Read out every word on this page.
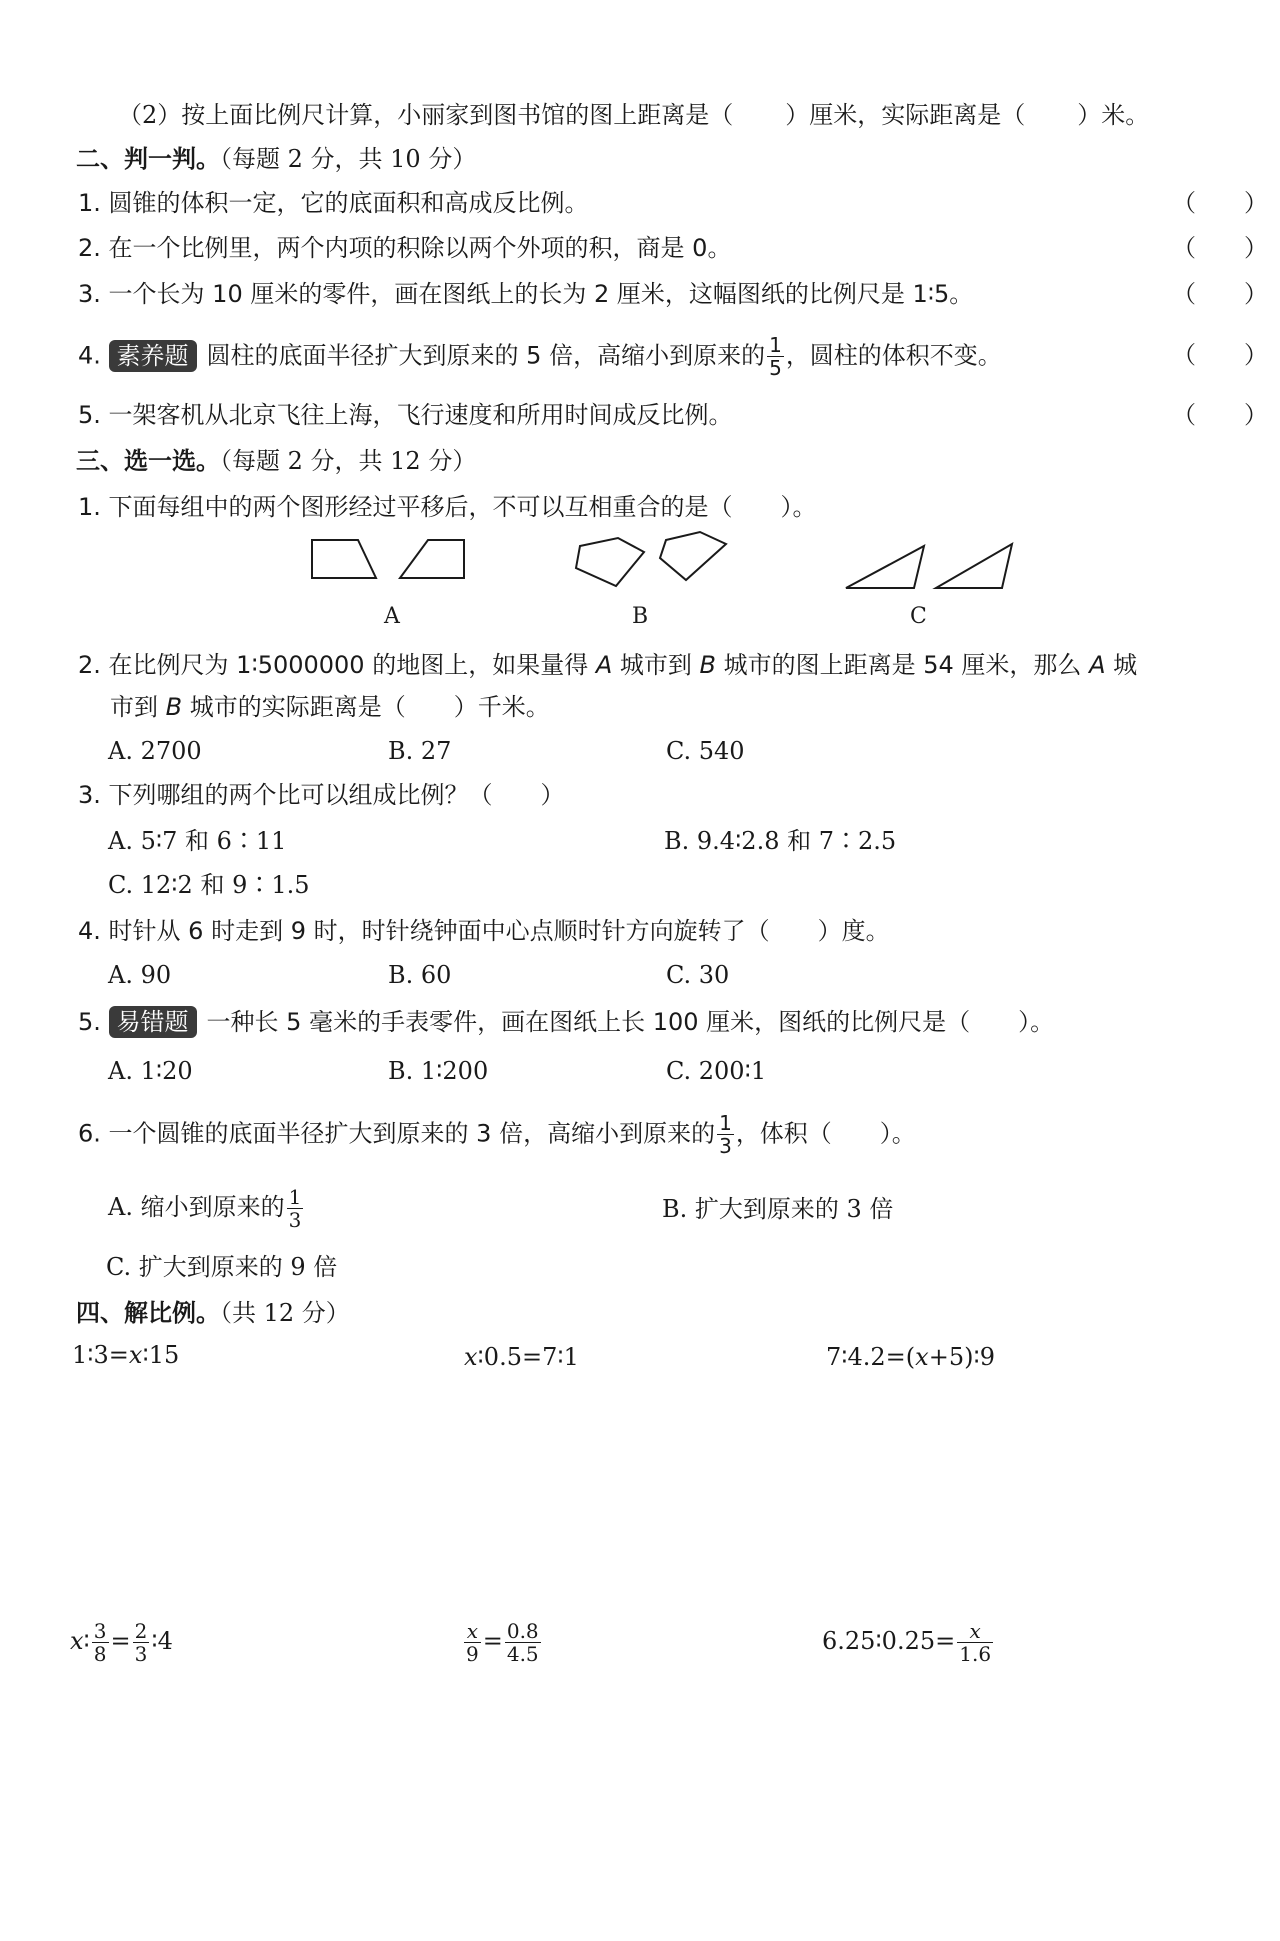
（2）按上面比例尺计算，小丽家到图书馆的图上距离是（ ）厘米，实际距离是（ ）米。
二、判一判。（每题 2 分，共 10 分）
1. 圆锥的体积一定，它的底面积和高成反比例。	（　　）
2. 在一个比例里，两个内项的积除以两个外项的积，商是 0。	（　　）
3. 一个长为 10 厘米的零件，画在图纸上的长为 2 厘米，这幅图纸的比例尺是 1∶5。	（　　）
4. 素养题 圆柱的底面半径扩大到原来的 5 倍，高缩小到原来的 $\frac{1}{5}$ ，圆柱的体积不变。	（　　）
5. 一架客机从北京飞往上海，飞行速度和所用时间成反比例。	（　　）
三、选一选。（每题 2 分，共 12 分）
1. 下面每组中的两个图形经过平移后，不可以互相重合的是（　　）。
A	B	C
2. 在比例尺为 1∶5000000 的地图上，如果量得 A 城市到 B 城市的图上距离是 54 厘米，那么 A 城
市到 B 城市的实际距离是（　　）千米。
A. 2700	B. 27	C. 540
3. 下列哪组的两个比可以组成比例？（　　）
A. 5∶7 和 6∶11	B. 9.4∶2.8 和 7∶2.5
C. 12∶2 和 9∶1.5
4. 时针从 6 时走到 9 时，时针绕钟面中心点顺时针方向旋转了（　　）度。
A. 90	B. 60	C. 30
5. 易错题 一种长 5 毫米的手表零件，画在图纸上长 100 厘米，图纸的比例尺是（　　）。
A. 1∶20	B. 1∶200	C. 200∶1
6. 一个圆锥的底面半径扩大到原来的 3 倍，高缩小到原来的 $\frac{1}{3}$ ，体积（　　）。
A. 缩小到原来的 $\frac{1}{3}$	B. 扩大到原来的 3 倍
C. 扩大到原来的 9 倍
四、解比例。（共 12 分）
1∶3=x∶15	x∶0.5=7∶1	7∶4.2=(x+5)∶9
x∶ $\frac{3}{8} = \frac{2}{3}$ ∶4	$\frac{x}{9} = \frac{0.8}{4.5}$	6.25∶0.25= $\frac{x}{1.6}$
